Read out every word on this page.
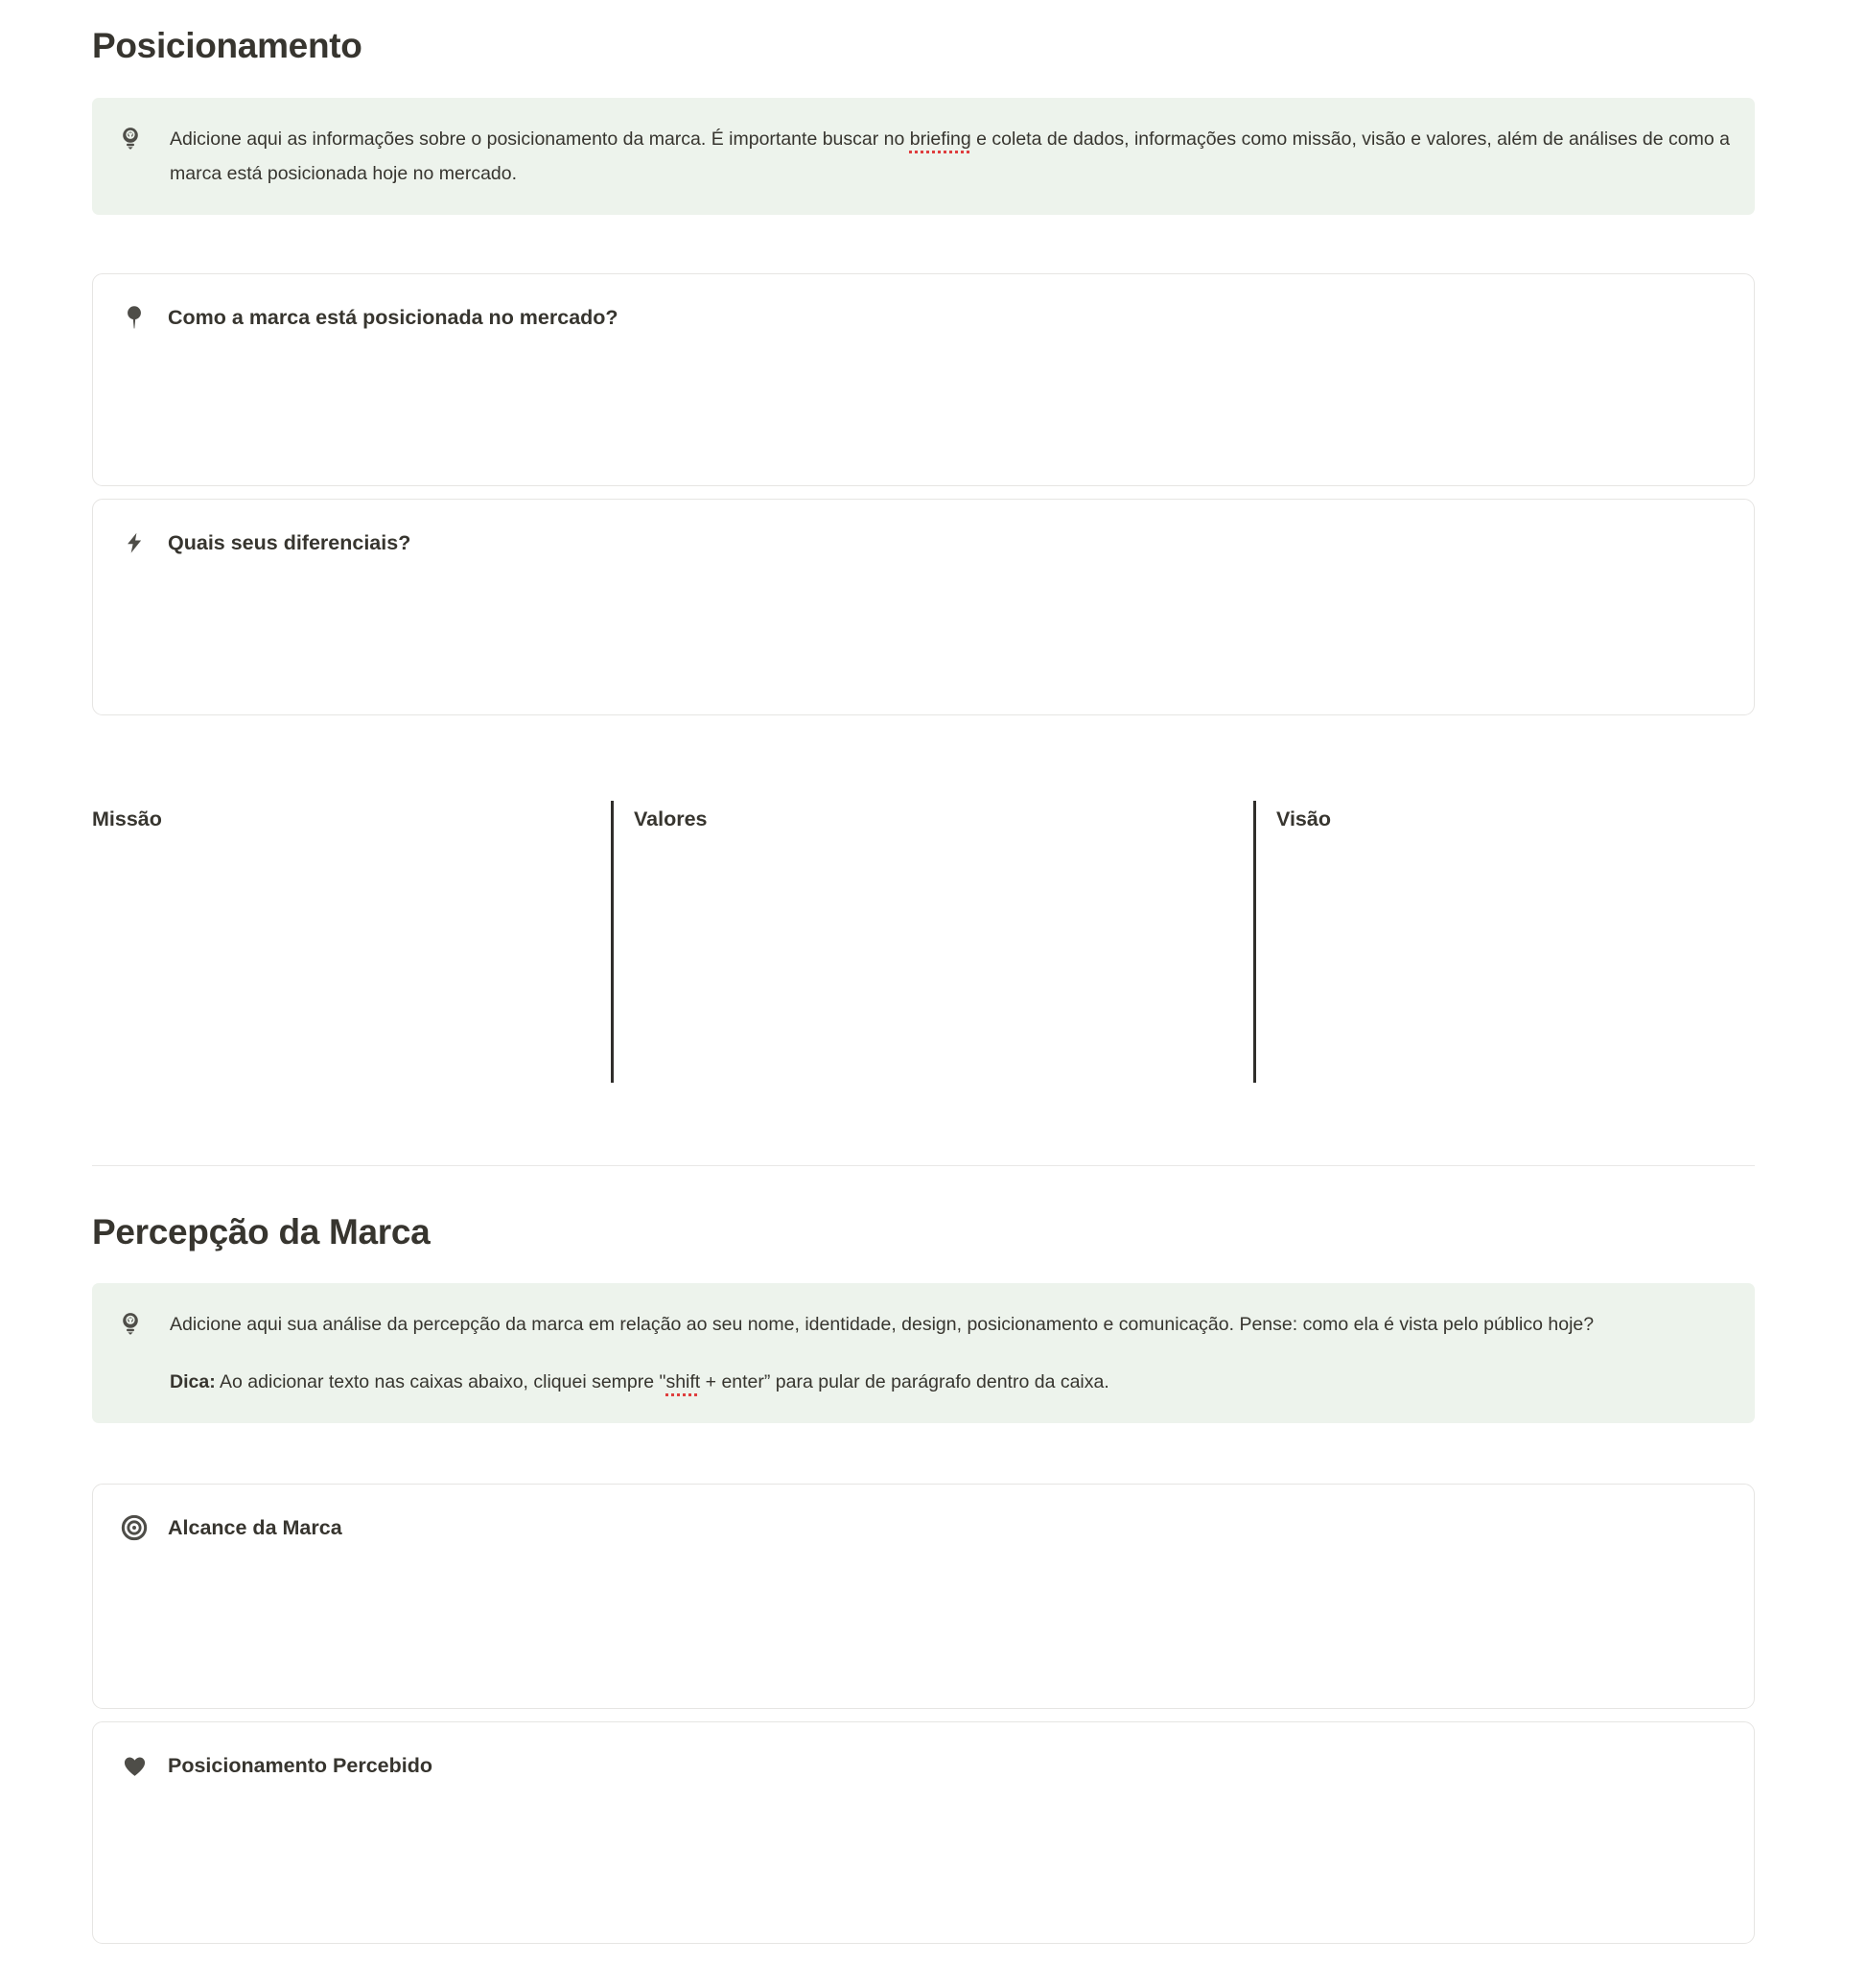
Posicionamento

Adicione aqui as informações sobre o posicionamento da marca. É importante buscar no briefing e coleta de dados, informações como missão, visão e valores, além de análises de como a marca está posicionada hoje no mercado.

Como a marca está posicionada no mercado?
Quais seus diferenciais?
Missão	Valores	Visão
Percepção da Marca

Adicione aqui sua análise da percepção da marca em relação ao seu nome, identidade, design, posicionamento e comunicação. Pense: como ela é vista pelo público hoje?

Dica: Ao adicionar texto nas caixas abaixo, cliquei sempre "shift + enter” para pular de parágrafo dentro da caixa.

Alcance da Marca
Posicionamento Percebido
